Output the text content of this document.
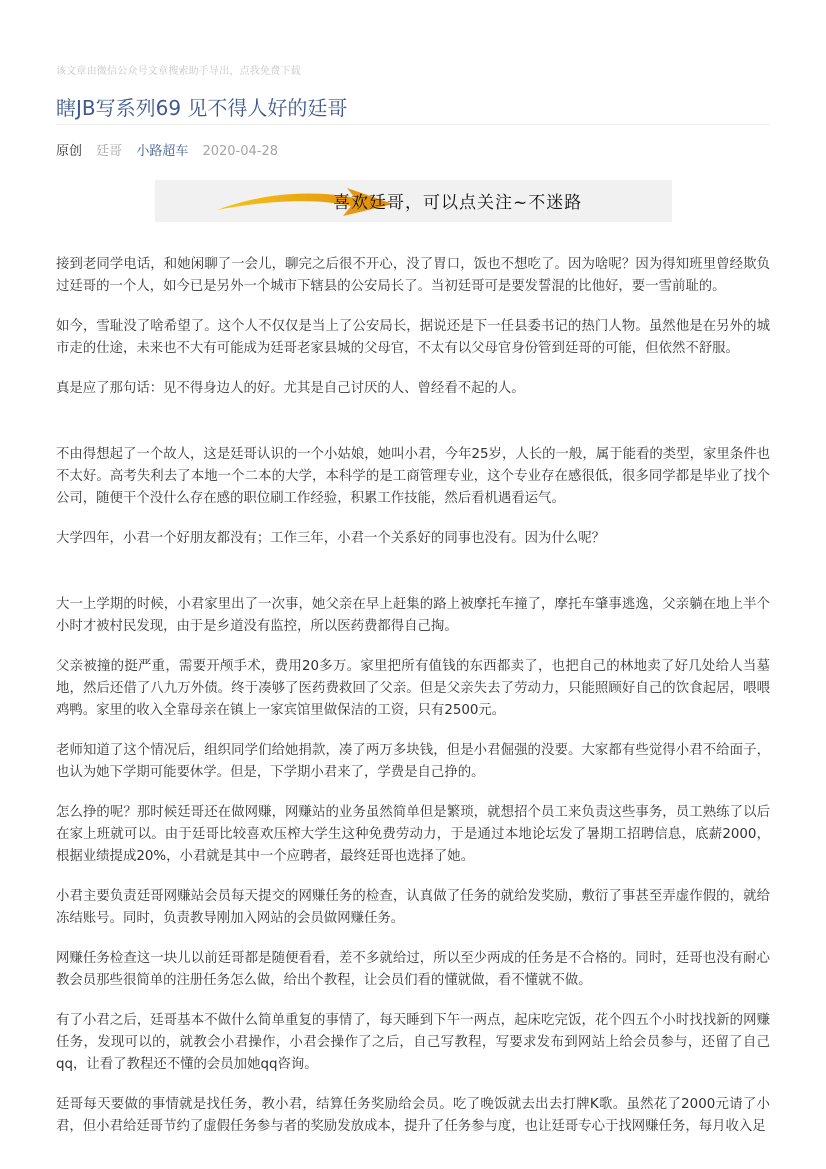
该文章由微信公众号文章搜索助手导出，点我免费下载
瞎JB写系列69 见不得人好的廷哥
原创 廷哥 小路超车 2020-04-28
喜欢廷哥，可以点关注~不迷路

接到老同学电话，和她闲聊了一会儿，聊完之后很不开心，没了胃口，饭也不想吃了。因为啥呢？因为得知班里曾经欺负过廷哥的一个人，如今已是另外一个城市下辖县的公安局长了。当初廷哥可是要发誓混的比他好，要一雪前耻的。

如今，雪耻没了啥希望了。这个人不仅仅是当上了公安局长，据说还是下一任县委书记的热门人物。虽然他是在另外的城市走的仕途，未来也不大有可能成为廷哥老家县城的父母官，不太有以父母官身份管到廷哥的可能，但依然不舒服。

真是应了那句话：见不得身边人的好。尤其是自己讨厌的人、曾经看不起的人。

不由得想起了一个故人，这是廷哥认识的一个小姑娘，她叫小君，今年25岁，人长的一般，属于能看的类型，家里条件也不太好。高考失利去了本地一个二本的大学，本科学的是工商管理专业，这个专业存在感很低，很多同学都是毕业了找个公司，随便干个没什么存在感的职位刷工作经验，积累工作技能，然后看机遇看运气。

大学四年，小君一个好朋友都没有；工作三年，小君一个关系好的同事也没有。因为什么呢？

大一上学期的时候，小君家里出了一次事，她父亲在早上赶集的路上被摩托车撞了，摩托车肇事逃逸，父亲躺在地上半个小时才被村民发现，由于是乡道没有监控，所以医药费都得自己掏。

父亲被撞的挺严重，需要开颅手术，费用20多万。家里把所有值钱的东西都卖了，也把自己的林地卖了好几处给人当墓地，然后还借了八九万外债。终于凑够了医药费救回了父亲。但是父亲失去了劳动力，只能照顾好自己的饮食起居，喂喂鸡鸭。家里的收入全靠母亲在镇上一家宾馆里做保洁的工资，只有2500元。

老师知道了这个情况后，组织同学们给她捐款，凑了两万多块钱，但是小君倔强的没要。大家都有些觉得小君不给面子，也认为她下学期可能要休学。但是，下学期小君来了，学费是自己挣的。

怎么挣的呢？那时候廷哥还在做网赚，网赚站的业务虽然简单但是繁琐，就想招个员工来负责这些事务，员工熟练了以后在家上班就可以。由于廷哥比较喜欢压榨大学生这种免费劳动力，于是通过本地论坛发了暑期工招聘信息，底薪2000，根据业绩提成20%，小君就是其中一个应聘者，最终廷哥也选择了她。

小君主要负责廷哥网赚站会员每天提交的网赚任务的检查，认真做了任务的就给发奖励，敷衍了事甚至弄虚作假的，就给冻结账号。同时，负责教导刚加入网站的会员做网赚任务。

网赚任务检查这一块儿以前廷哥都是随便看看，差不多就给过，所以至少两成的任务是不合格的。同时，廷哥也没有耐心教会员那些很简单的注册任务怎么做，给出个教程，让会员们看的懂就做，看不懂就不做。

有了小君之后，廷哥基本不做什么简单重复的事情了，每天睡到下午一两点，起床吃完饭，花个四五个小时找找新的网赚任务，发现可以的，就教会小君操作，小君会操作了之后，自己写教程，写要求发布到网站上给会员参与，还留了自己qq，让看了教程还不懂的会员加她qq咨询。

廷哥每天要做的事情就是找任务，教小君，结算任务奖励给会员。吃了晚饭就去出去打牌K歌。虽然花了2000元请了小君，但小君给廷哥节约了虚假任务参与者的奖励发放成本，提升了任务参与度，也让廷哥专心于找网赚任务，每月收入足
